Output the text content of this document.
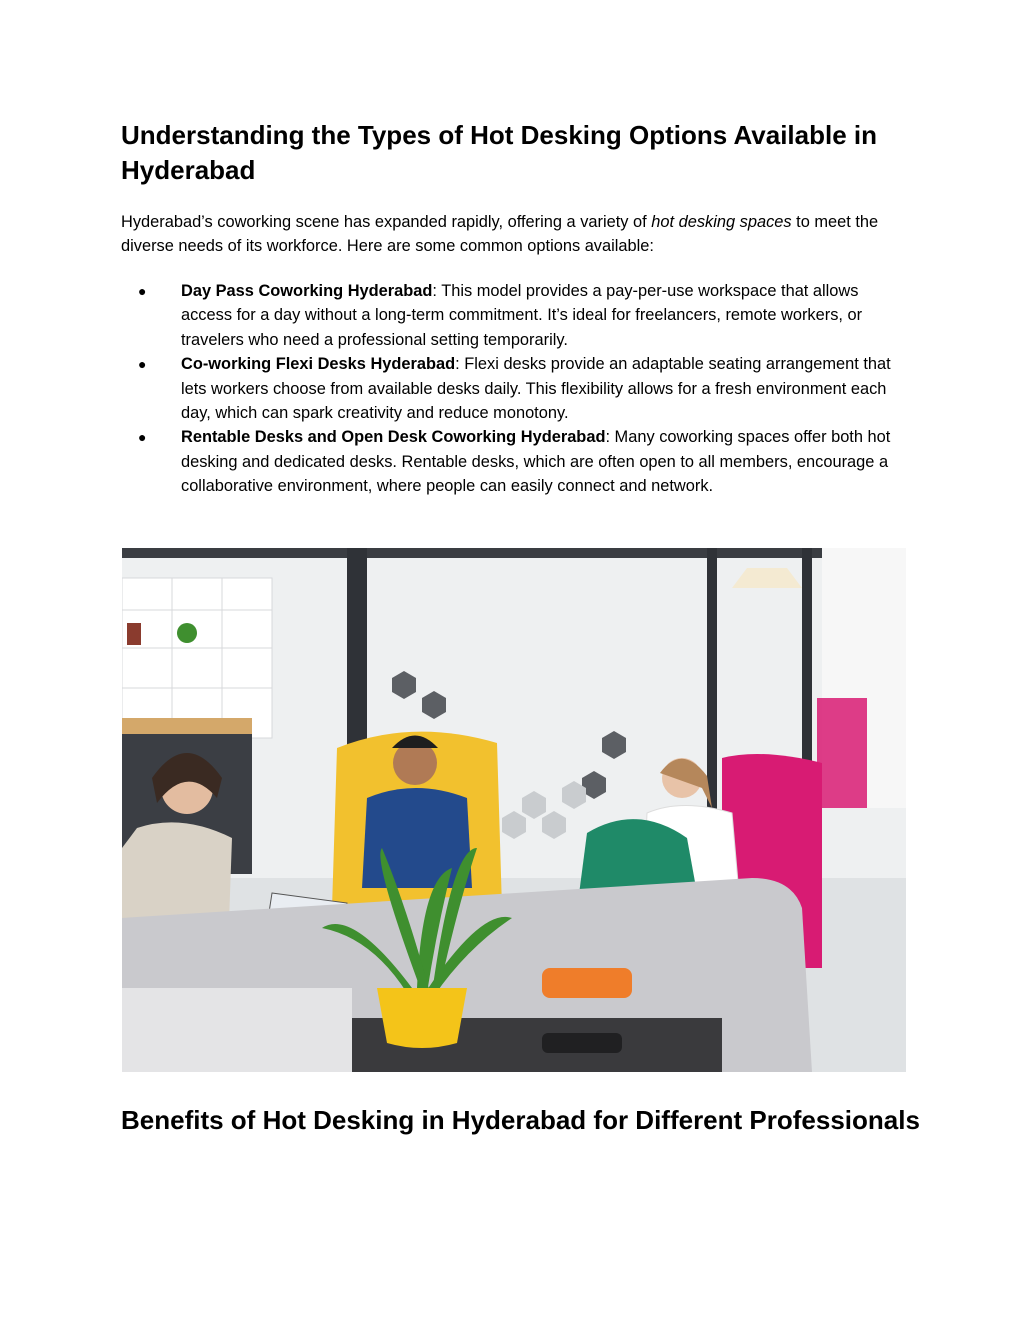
Understanding the Types of Hot Desking Options Available in Hyderabad

Hyderabad’s coworking scene has expanded rapidly, offering a variety of hot desking spaces to meet the diverse needs of its workforce. Here are some common options available:

● Day Pass Coworking Hyderabad: This model provides a pay-per-use workspace that allows access for a day without a long-term commitment. It’s ideal for freelancers, remote workers, or travelers who need a professional setting temporarily.
● Co-working Flexi Desks Hyderabad: Flexi desks provide an adaptable seating arrangement that lets workers choose from available desks daily. This flexibility allows for a fresh environment each day, which can spark creativity and reduce monotony.
● Rentable Desks and Open Desk Coworking Hyderabad: Many coworking spaces offer both hot desking and dedicated desks. Rentable desks, which are often open to all members, encourage a collaborative environment, where people can easily connect and network.
Benefits of Hot Desking in Hyderabad for Different Professionals
